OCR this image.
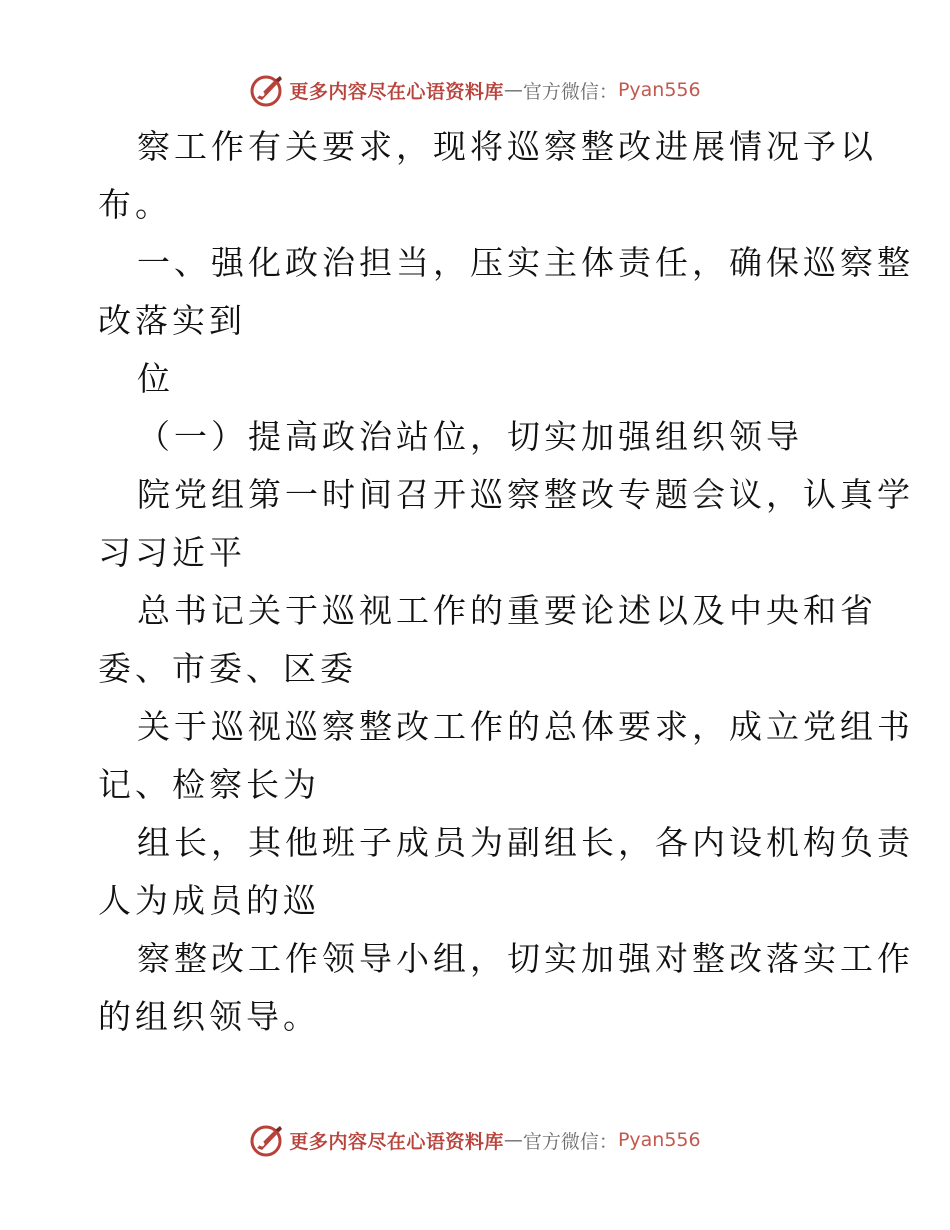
更多内容尽在心语资料库 — 官方微信： Pyan556
察工作有关要求，现将巡察整改进展情况予以
布。
一、强化政治担当，压实主体责任，确保巡察整
改落实到
位
（一）提高政治站位，切实加强组织领导
院党组第一时间召开巡察整改专题会议，认真学
习习近平
总书记关于巡视工作的重要论述以及中央和省
委、市委、区委
关于巡视巡察整改工作的总体要求，成立党组书
记、检察长为
组长，其他班子成员为副组长，各内设机构负责
人为成员的巡
察整改工作领导小组，切实加强对整改落实工作
的组织领导。
更多内容尽在心语资料库 — 官方微信： Pyan556
